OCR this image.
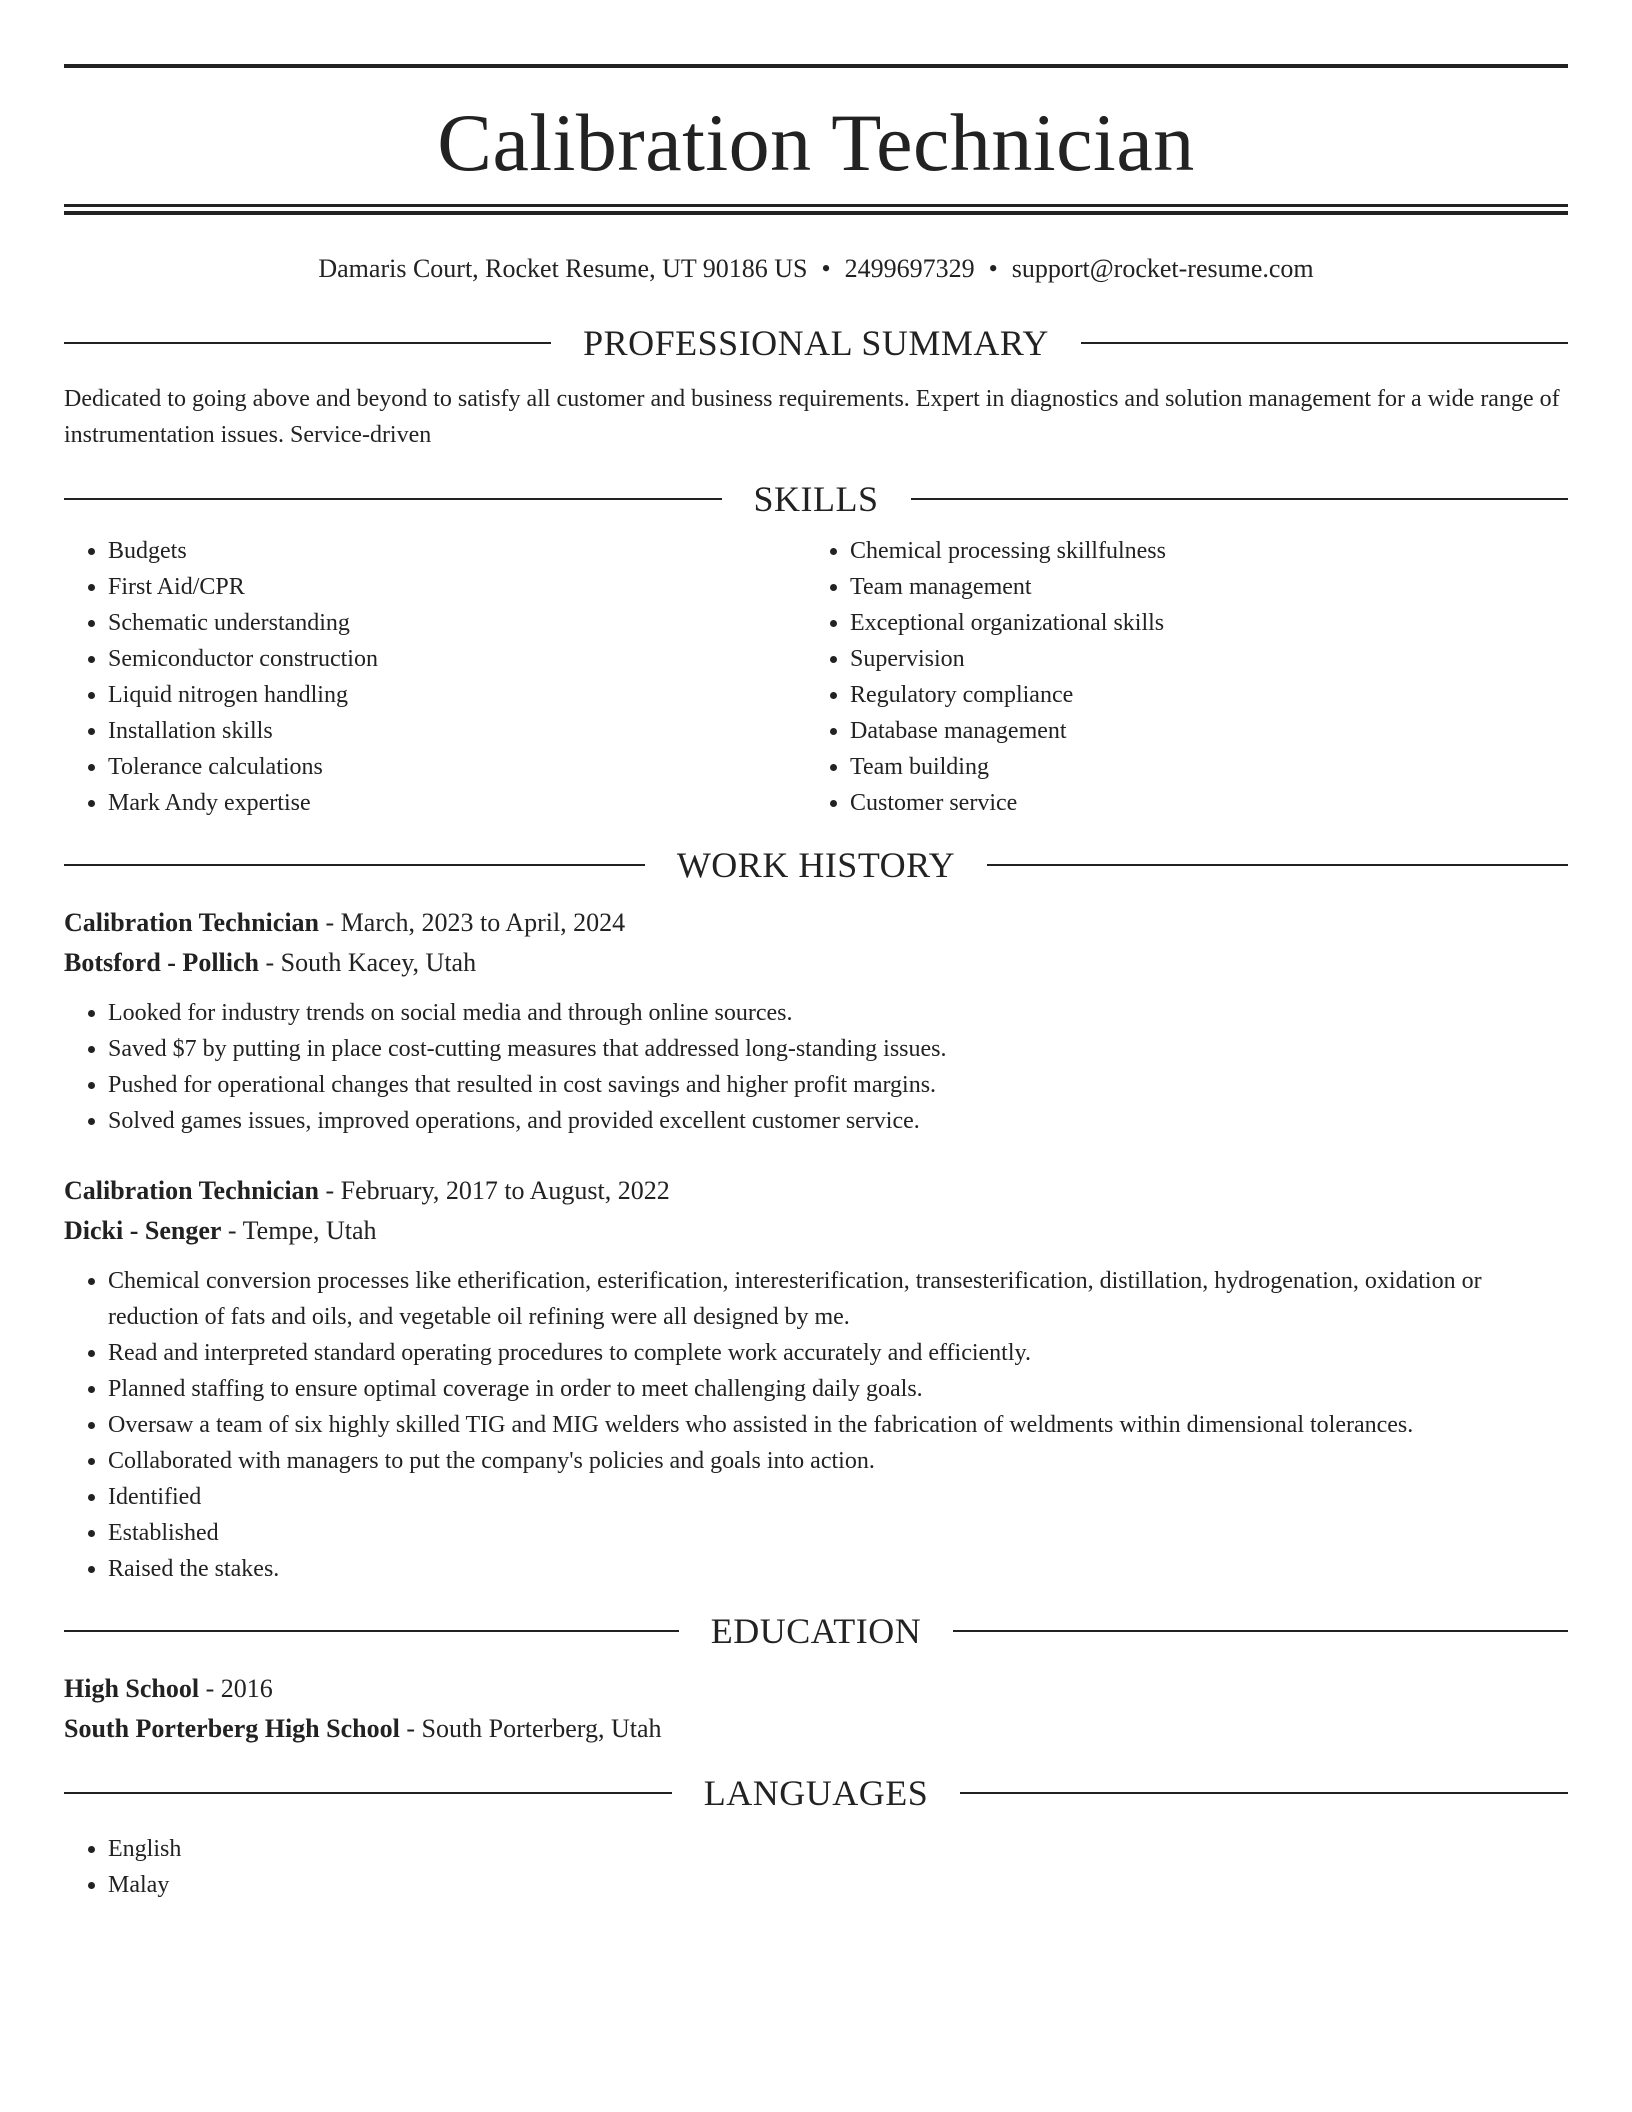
Calibration Technician
Damaris Court, Rocket Resume, UT 90186 US • 2499697329 • support@rocket-resume.com
PROFESSIONAL SUMMARY

Dedicated to going above and beyond to satisfy all customer and business requirements. Expert in diagnostics and solution management for a wide range of instrumentation issues. Service-driven

SKILLS
• Budgets
• First Aid/CPR
• Schematic understanding
• Semiconductor construction
• Liquid nitrogen handling
• Installation skills
• Tolerance calculations
• Mark Andy expertise
• Chemical processing skillfulness
• Team management
• Exceptional organizational skills
• Supervision
• Regulatory compliance
• Database management
• Team building
• Customer service
WORK HISTORY
Calibration Technician - March, 2023 to April, 2024
Botsford - Pollich - South Kacey, Utah
• Looked for industry trends on social media and through online sources.
• Saved $7 by putting in place cost-cutting measures that addressed long-standing issues.
• Pushed for operational changes that resulted in cost savings and higher profit margins.
• Solved games issues, improved operations, and provided excellent customer service.
Calibration Technician - February, 2017 to August, 2022
Dicki - Senger - Tempe, Utah
• Chemical conversion processes like etherification, esterification, interesterification, transesterification, distillation, hydrogenation, oxidation or reduction of fats and oils, and vegetable oil refining were all designed by me.
• Read and interpreted standard operating procedures to complete work accurately and efficiently.
• Planned staffing to ensure optimal coverage in order to meet challenging daily goals.
• Oversaw a team of six highly skilled TIG and MIG welders who assisted in the fabrication of weldments within dimensional tolerances.
• Collaborated with managers to put the company's policies and goals into action.
• Identified
• Established
• Raised the stakes.
EDUCATION
High School - 2016
South Porterberg High School - South Porterberg, Utah
LANGUAGES
• English
• Malay
